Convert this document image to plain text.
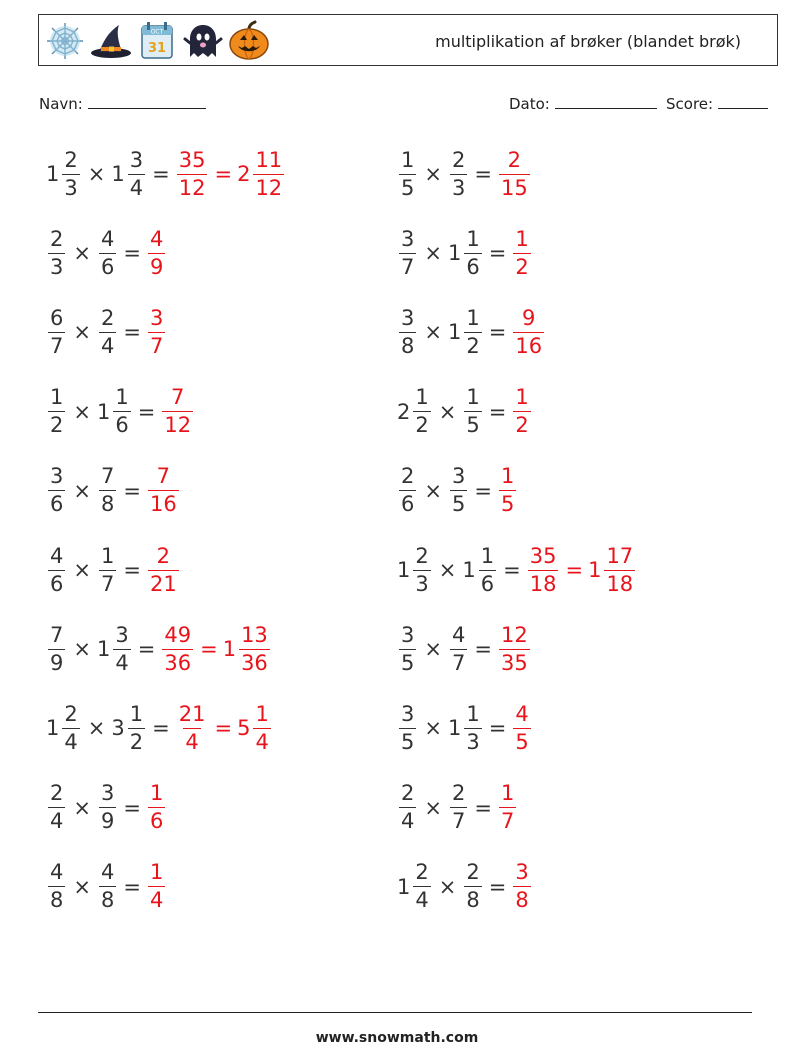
OCT
31	multiplikation af brøker (blandet brøk)
Navn:	Dato:	Score:
$1 \frac{2}{3} \times 1 \frac{3}{4} = \frac{35}{12} = 2 \frac{11}{12}$	$\frac{1}{5} \times \frac{2}{3} = \frac{2}{15}$
$\frac{2}{3} \times \frac{4}{6} = \frac{4}{9}$	$\frac{3}{7} \times 1 \frac{1}{6} = \frac{1}{2}$
$\frac{6}{7} \times \frac{2}{4} = \frac{3}{7}$	$\frac{3}{8} \times 1 \frac{1}{2} = \frac{9}{16}$
$\frac{1}{2} \times 1 \frac{1}{6} = \frac{7}{12}$	$2 \frac{1}{2} \times \frac{1}{5} = \frac{1}{2}$
$\frac{3}{6} \times \frac{7}{8} = \frac{7}{16}$	$\frac{2}{6} \times \frac{3}{5} = \frac{1}{5}$
$\frac{4}{6} \times \frac{1}{7} = \frac{2}{21}$	$1 \frac{2}{3} \times 1 \frac{1}{6} = \frac{35}{18} = 1 \frac{17}{18}$
$\frac{7}{9} \times 1 \frac{3}{4} = \frac{49}{36} = 1 \frac{13}{36}$	$\frac{3}{5} \times \frac{4}{7} = \frac{12}{35}$
$1 \frac{2}{4} \times 3 \frac{1}{2} = \frac{21}{4} = 5 \frac{1}{4}$	$\frac{3}{5} \times 1 \frac{1}{3} = \frac{4}{5}$
$\frac{2}{4} \times \frac{3}{9} = \frac{1}{6}$	$\frac{2}{4} \times \frac{2}{7} = \frac{1}{7}$
$\frac{4}{8} \times \frac{4}{8} = \frac{1}{4}$	$1 \frac{2}{4} \times \frac{2}{8} = \frac{3}{8}$
www.snowmath.com
